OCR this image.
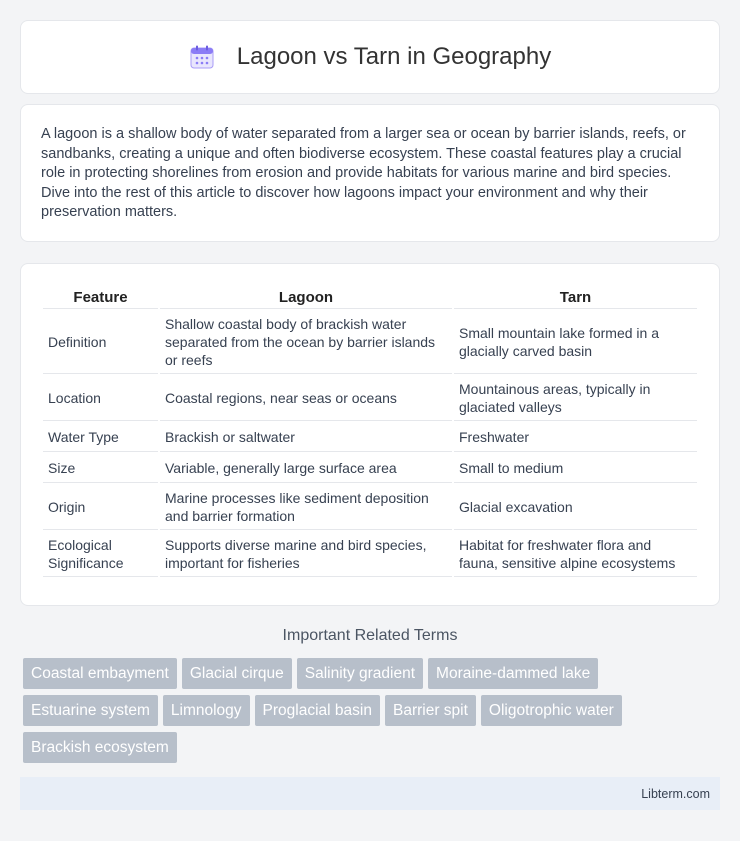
Lagoon vs Tarn in Geography

A lagoon is a shallow body of water separated from a larger sea or ocean by barrier islands, reefs, or sandbanks, creating a unique and often biodiverse ecosystem. These coastal features play a crucial role in protecting shorelines from erosion and provide habitats for various marine and bird species. Dive into the rest of this article to discover how lagoons impact your environment and why their preservation matters.

Feature	Lagoon	Tarn
Definition	Shallow coastal body of brackish water separated from the ocean by barrier islands or reefs	Small mountain lake formed in a glacially carved basin
Location	Coastal regions, near seas or oceans	Mountainous areas, typically in glaciated valleys
Water Type	Brackish or saltwater	Freshwater
Size	Variable, generally large surface area	Small to medium
Origin	Marine processes like sediment deposition and barrier formation	Glacial excavation
Ecological Significance	Supports diverse marine and bird species, important for fisheries	Habitat for freshwater flora and fauna, sensitive alpine ecosystems
Important Related Terms
Coastal embayment Glacial cirque Salinity gradient Moraine-dammed lake
Estuarine system Limnology Proglacial basin Barrier spit Oligotrophic water
Brackish ecosystem
Libterm.com
